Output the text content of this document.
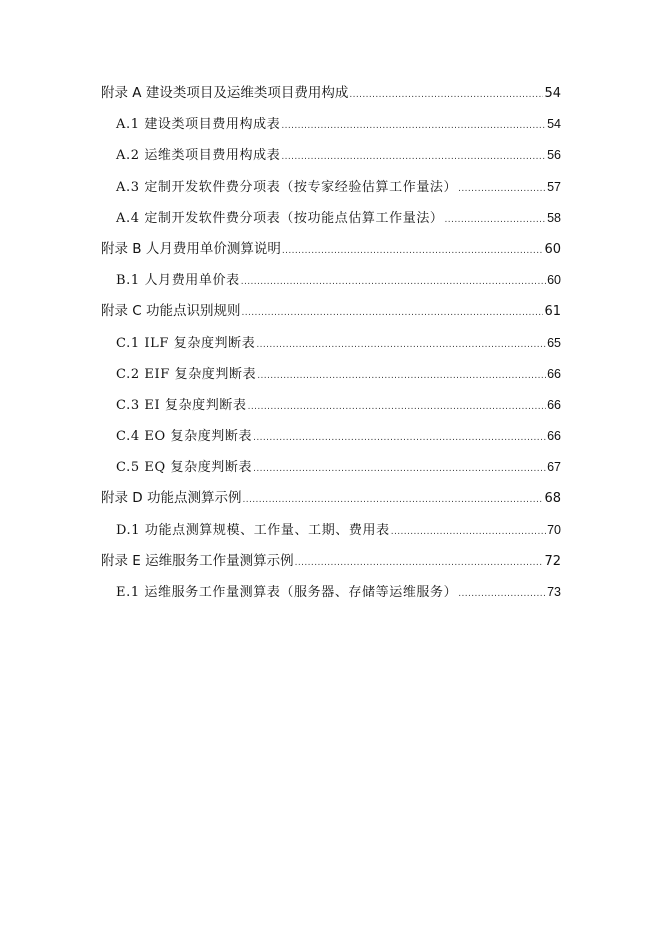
附录 A 建设类项目及运维类项目费用构成 .....	54
A.1 建设类项目费用构成表 .....	54
A.2 运维类项目费用构成表 .....	56
A.3 定制开发软件费分项表（按专家经验估算工作量法） .....	57
A.4 定制开发软件费分项表（按功能点估算工作量法） .....	58
附录 B 人月费用单价测算说明 .....	60
B.1 人月费用单价表 .....	60
附录 C 功能点识别规则 .....	61
C.1 ILF 复杂度判断表 .....	65
C.2 EIF 复杂度判断表 .....	66
C.3 EI 复杂度判断表 .....	66
C.4 EO 复杂度判断表 .....	66
C.5 EQ 复杂度判断表 .....	67
附录 D 功能点测算示例 .....	68
D.1 功能点测算规模、工作量、工期、费用表 .....	70
附录 E 运维服务工作量测算示例 .....	72
E.1 运维服务工作量测算表（服务器、存储等运维服务） .....	73
